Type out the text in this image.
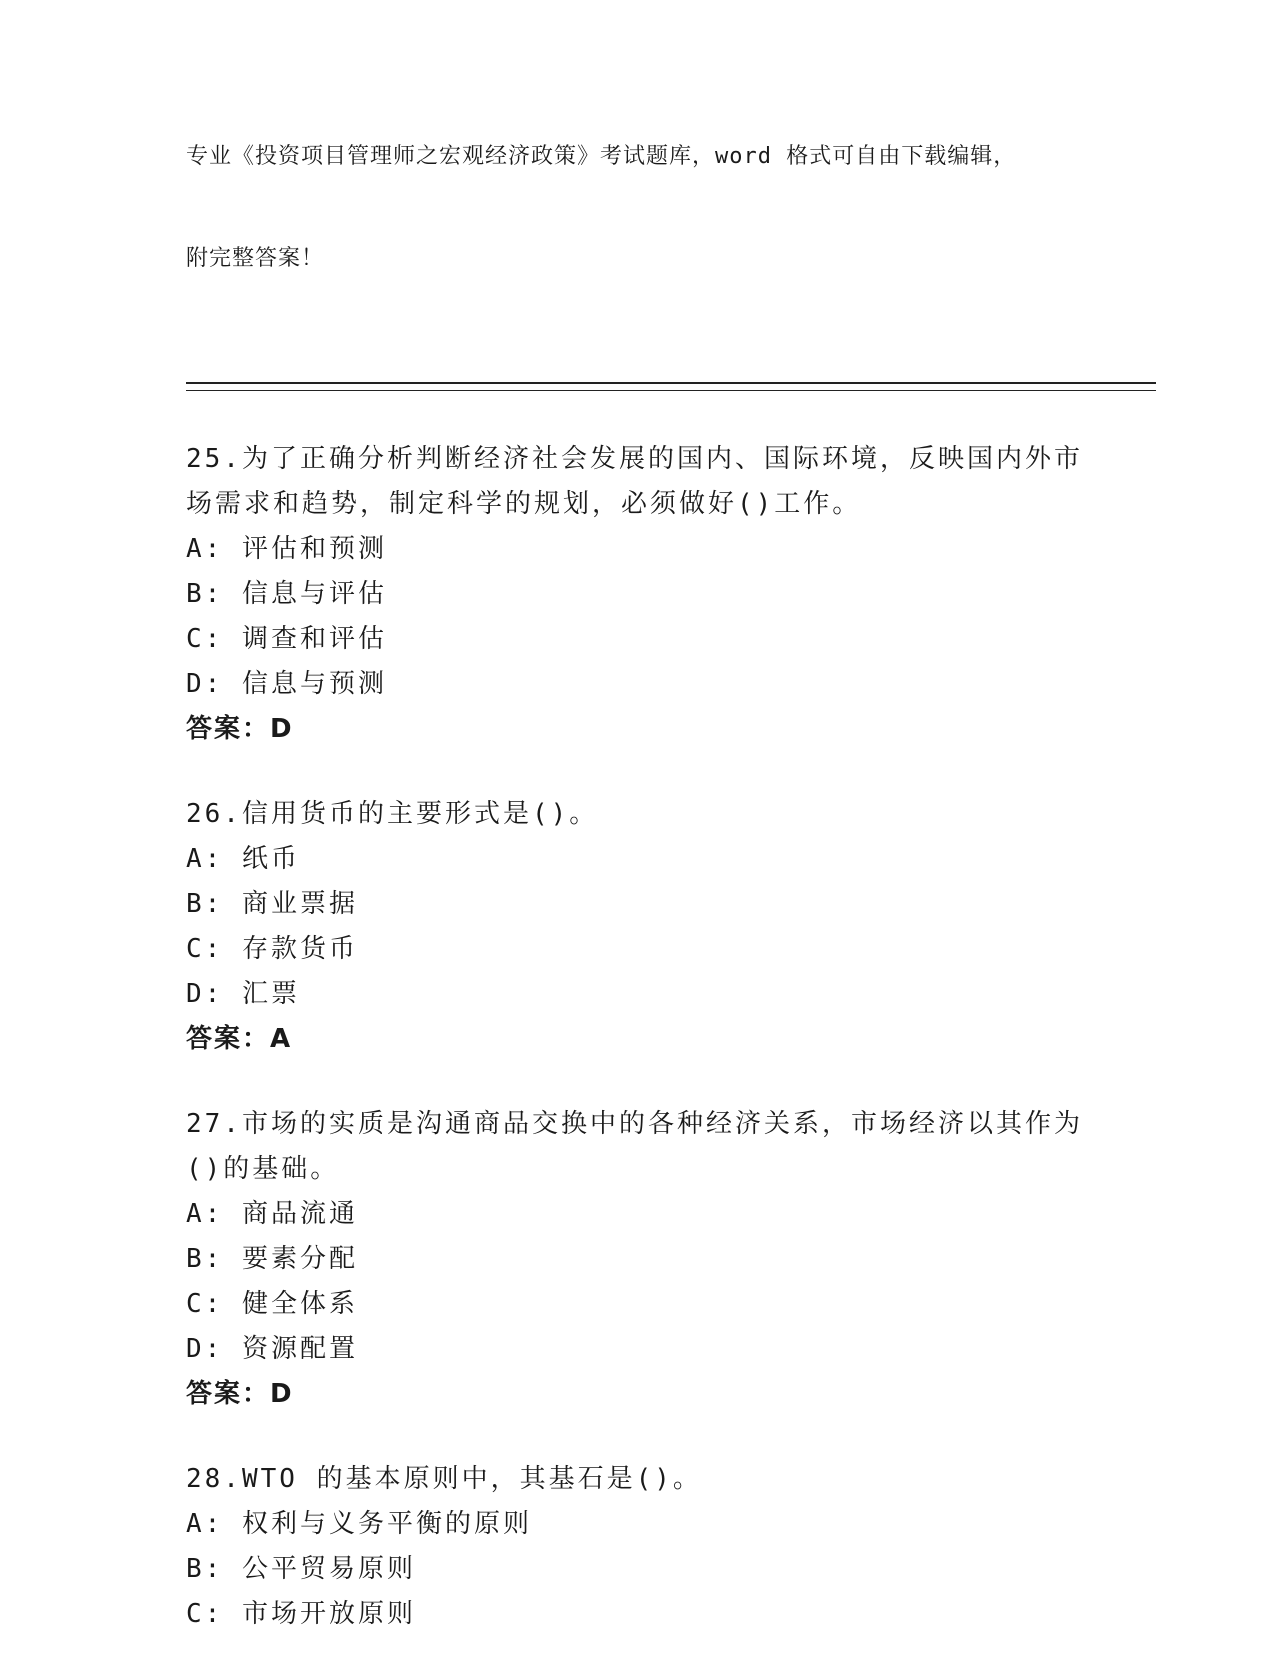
专业《投资项目管理师之宏观经济政策》考试题库，word 格式可自由下载编辑，

附完整答案！

25.为了正确分析判断经济社会发展的国内、国际环境，反映国内外市场需求和趋势，制定科学的规划，必须做好()工作。
A: 评估和预测
B: 信息与评估
C: 调查和评估
D: 信息与预测
答案：D
26.信用货币的主要形式是()。
A: 纸币
B: 商业票据
C: 存款货币
D: 汇票
答案：A
27.市场的实质是沟通商品交换中的各种经济关系，市场经济以其作为()的基础。
A: 商品流通
B: 要素分配
C: 健全体系
D: 资源配置
答案：D
28.WTO 的基本原则中，其基石是()。
A: 权利与义务平衡的原则
B: 公平贸易原则
C: 市场开放原则
